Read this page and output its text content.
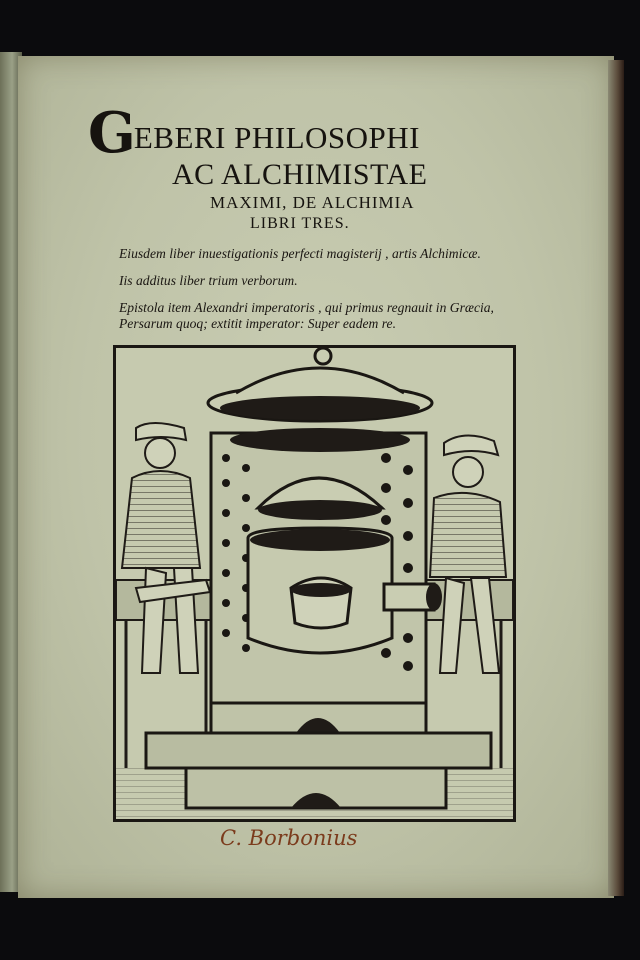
GEBERI PHILOSOPHI
AC ALCHIMISTAE
MAXIMI, DE ALCHIMIA
LIBRI TRES.
Eiusdem liber inuestigationis perfecti magisterij , artis Alchimicæ.
Iis additus liber trium verborum.
Epistola item Alexandri imperatoris , qui primus regnauit in Græcia,
Persarum quoq; extitit imperator: Super eadem re.
C. Borbonius
